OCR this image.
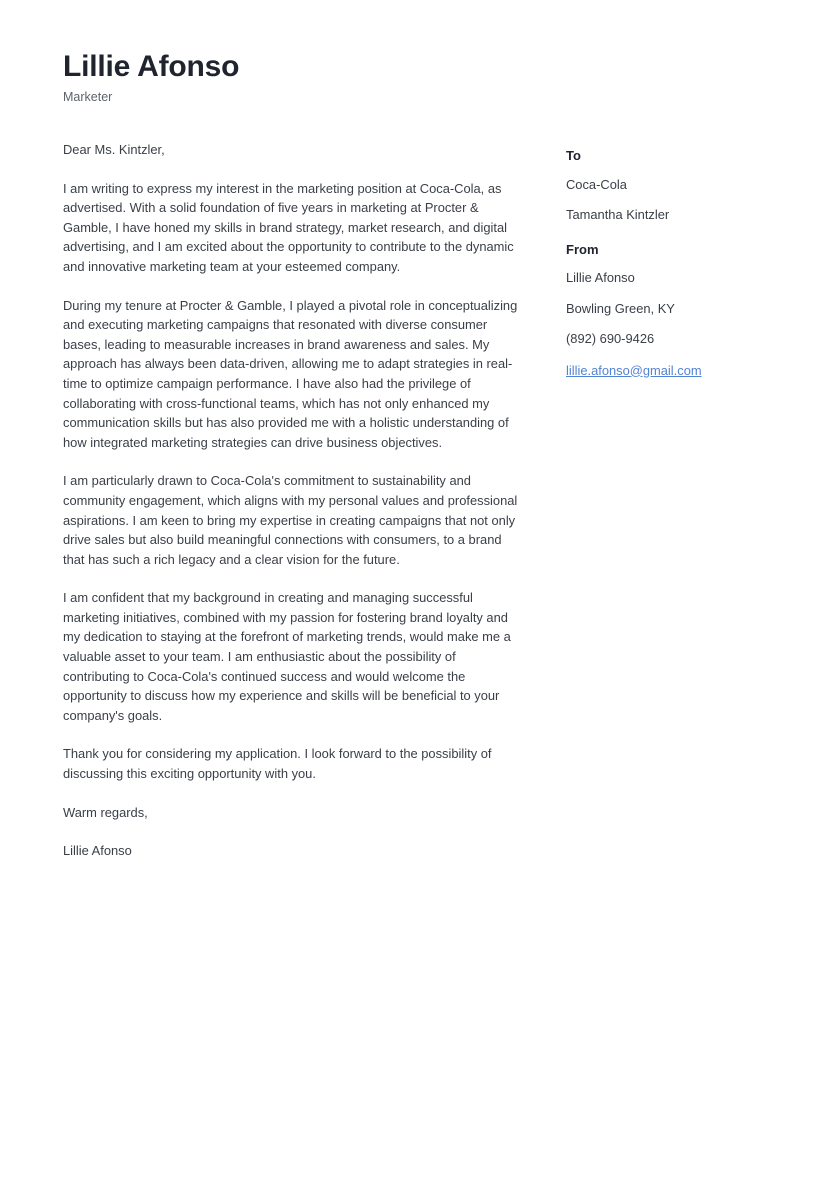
Lillie Afonso

Marketer

Dear Ms. Kintzler,

I am writing to express my interest in the marketing position at Coca-Cola, as advertised. With a solid foundation of five years in marketing at Procter & Gamble, I have honed my skills in brand strategy, market research, and digital advertising, and I am excited about the opportunity to contribute to the dynamic and innovative marketing team at your esteemed company.

During my tenure at Procter & Gamble, I played a pivotal role in conceptualizing and executing marketing campaigns that resonated with diverse consumer bases, leading to measurable increases in brand awareness and sales. My approach has always been data-driven, allowing me to adapt strategies in real-time to optimize campaign performance. I have also had the privilege of collaborating with cross-functional teams, which has not only enhanced my communication skills but has also provided me with a holistic understanding of how integrated marketing strategies can drive business objectives.

I am particularly drawn to Coca-Cola's commitment to sustainability and community engagement, which aligns with my personal values and professional aspirations. I am keen to bring my expertise in creating campaigns that not only drive sales but also build meaningful connections with consumers, to a brand that has such a rich legacy and a clear vision for the future.

I am confident that my background in creating and managing successful marketing initiatives, combined with my passion for fostering brand loyalty and my dedication to staying at the forefront of marketing trends, would make me a valuable asset to your team. I am enthusiastic about the possibility of contributing to Coca-Cola's continued success and would welcome the opportunity to discuss how my experience and skills will be beneficial to your company's goals.

Thank you for considering my application. I look forward to the possibility of discussing this exciting opportunity with you.

Warm regards,

Lillie Afonso

To

Coca-Cola

Tamantha Kintzler

From

Lillie Afonso

Bowling Green, KY

(892) 690-9426

lillie.afonso@gmail.com
